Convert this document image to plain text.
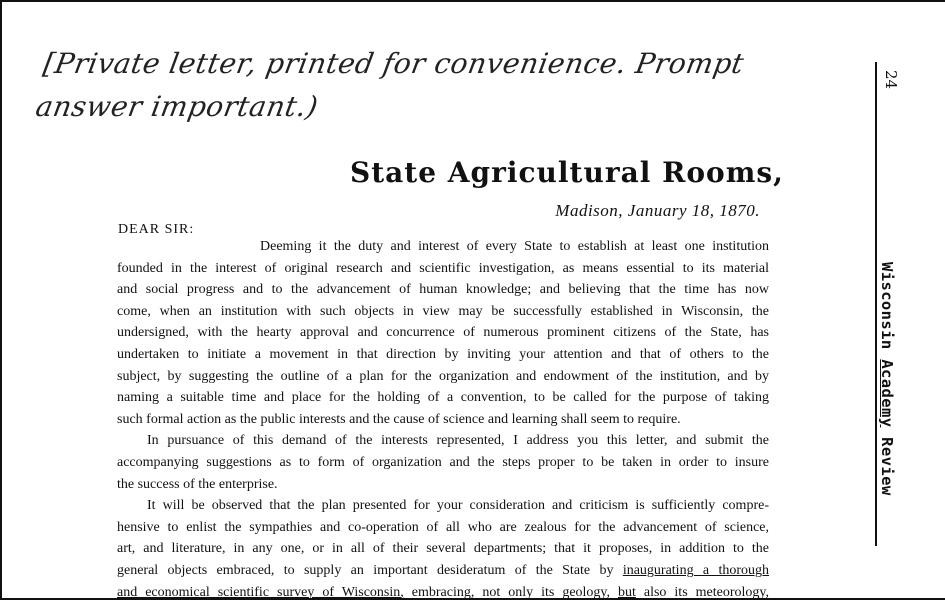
24
Wisconsin Academy Review
[Private letter, printed for convenience. Prompt answer important.)
State Agricultural Rooms,
Madison, January 18, 1870.
DEAR SIR:
Deeming it the duty and interest of every State to establish at least one institution
founded in the interest of original research and scientific investigation, as means essential to its material
and social progress and to the advancement of human knowledge; and believing that the time has now
come, when an institution with such objects in view may be successfully established in Wisconsin, the
undersigned, with the hearty approval and concurrence of numerous prominent citizens of the State, has
undertaken to initiate a movement in that direction by inviting your attention and that of others to the
subject, by suggesting the outline of a plan for the organization and endowment of the institution, and by
naming a suitable time and place for the holding of a convention, to be called for the purpose of taking
such formal action as the public interests and the cause of science and learning shall seem to require.
In pursuance of this demand of the interests represented, I address you this letter, and submit the
accompanying suggestions as to form of organization and the steps proper to be taken in order to insure
the success of the enterprise.
It will be observed that the plan presented for your consideration and criticism is sufficiently compre-
hensive to enlist the sympathies and co-operation of all who are zealous for the advancement of science,
art, and literature, in any one, or in all of their several departments; that it proposes, in addition to the
general objects embraced, to supply an important desideratum of the State by inaugurating a thorough
and economical scientific survey of Wisconsin, embracing, not only its geology, but also its meteorology,
